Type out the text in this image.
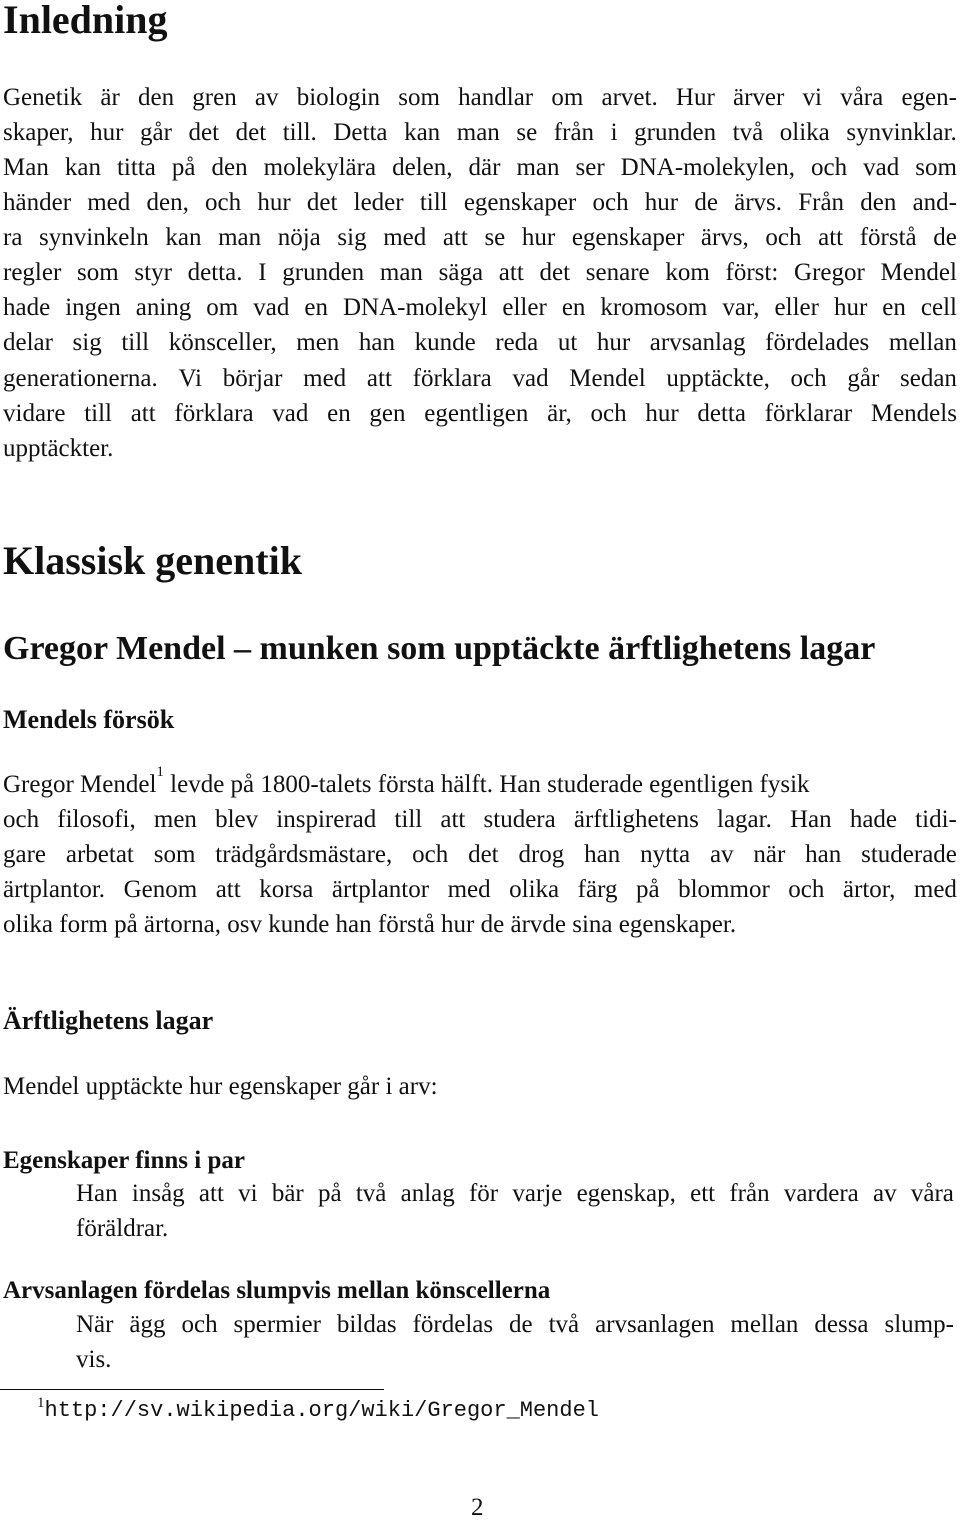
Inledning
Genetik är den gren av biologin som handlar om arvet. Hur ärver vi våra egen-
skaper, hur går det det till. Detta kan man se från i grunden två olika synvinklar.
Man kan titta på den molekylära delen, där man ser DNA-molekylen, och vad som
händer med den, och hur det leder till egenskaper och hur de ärvs. Från den and-
ra synvinkeln kan man nöja sig med att se hur egenskaper ärvs, och att förstå de
regler som styr detta. I grunden man säga att det senare kom först: Gregor Mendel
hade ingen aning om vad en DNA-molekyl eller en kromosom var, eller hur en cell
delar sig till könsceller, men han kunde reda ut hur arvsanlag fördelades mellan
generationerna. Vi börjar med att förklara vad Mendel upptäckte, och går sedan
vidare till att förklara vad en gen egentligen är, och hur detta förklarar Mendels
upptäckter.
Klassisk genentik
Gregor Mendel – munken som upptäckte ärftlighetens lagar
Mendels försök
Gregor Mendel 1 levde på 1800-talets första hälft. Han studerade egentligen fysik
och filosofi, men blev inspirerad till att studera ärftlighetens lagar. Han hade tidi-
gare arbetat som trädgårdsmästare, och det drog han nytta av när han studerade
ärtplantor. Genom att korsa ärtplantor med olika färg på blommor och ärtor, med
olika form på ärtorna, osv kunde han förstå hur de ärvde sina egenskaper.
Ärftlighetens lagar
Mendel upptäckte hur egenskaper går i arv:
Egenskaper finns i par
Han insåg att vi bär på två anlag för varje egenskap, ett från vardera av våra
föräldrar.
Arvsanlagen fördelas slumpvis mellan könscellerna
När ägg och spermier bildas fördelas de två arvsanlagen mellan dessa slump-
vis.
$^1$http://sv.wikipedia.org/wiki/Gregor_Mendel
2
